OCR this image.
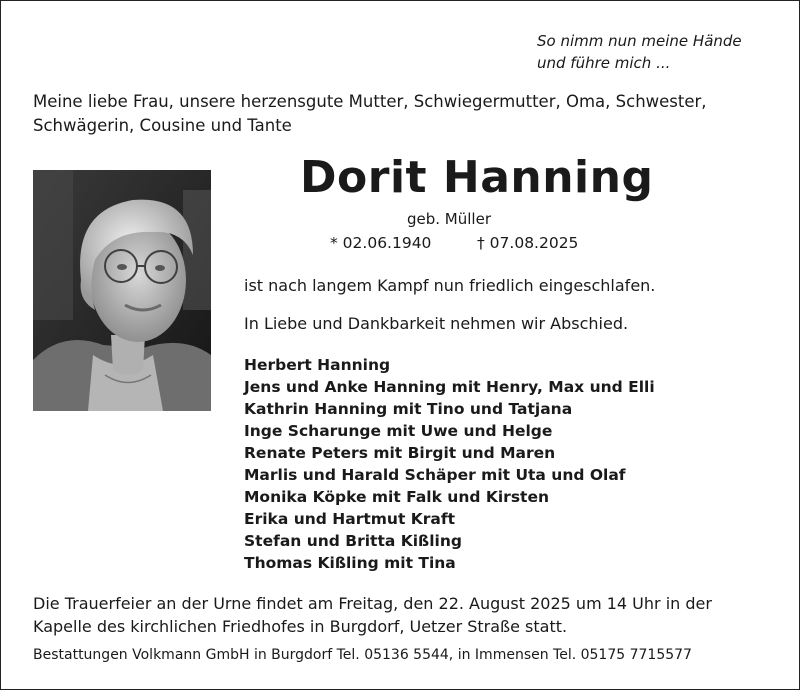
So nimm nun meine Hände
und führe mich ...
Meine liebe Frau, unsere herzensgute Mutter, Schwiegermutter, Oma, Schwester,
Schwägerin, Cousine und Tante
Dorit Hanning
geb. Müller
* 02.06.1940	† 07.08.2025
ist nach langem Kampf nun friedlich eingeschlafen.
In Liebe und Dankbarkeit nehmen wir Abschied.
Herbert Hanning
Jens und Anke Hanning mit Henry, Max und Elli
Kathrin Hanning mit Tino und Tatjana
Inge Scharunge mit Uwe und Helge
Renate Peters mit Birgit und Maren
Marlis und Harald Schäper mit Uta und Olaf
Monika Köpke mit Falk und Kirsten
Erika und Hartmut Kraft
Stefan und Britta Kißling
Thomas Kißling mit Tina
Die Trauerfeier an der Urne findet am Freitag, den 22. August 2025 um 14 Uhr in der
Kapelle des kirchlichen Friedhofes in Burgdorf, Uetzer Straße statt.
Bestattungen Volkmann GmbH in Burgdorf Tel. 05136 5544, in Immensen Tel. 05175 7715577
